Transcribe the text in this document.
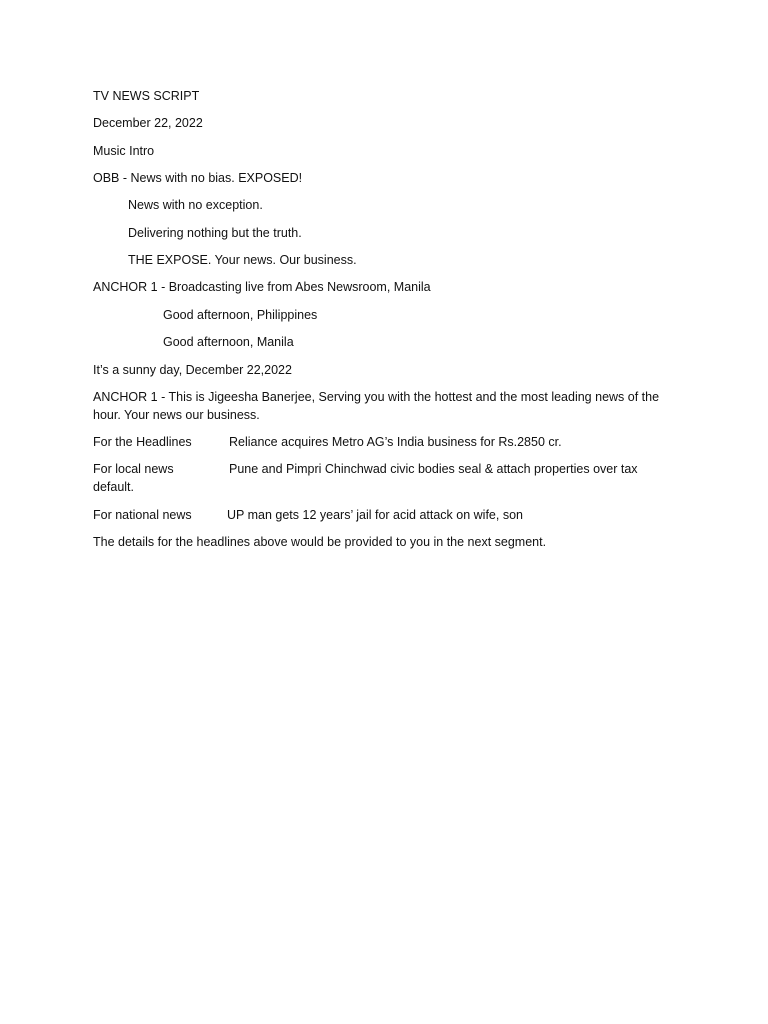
TV NEWS SCRIPT
December 22, 2022
Music Intro
OBB - News with no bias. EXPOSED!
News with no exception.
Delivering nothing but the truth.
THE EXPOSE. Your news. Our business.
ANCHOR 1 - Broadcasting live from Abes Newsroom, Manila
Good afternoon, Philippines
Good afternoon, Manila
It’s a sunny day, December 22,2022
ANCHOR 1 - This is Jigeesha Banerjee, Serving you with the hottest and the most leading news of the hour. Your news our business.
For the Headlines	Reliance acquires Metro AG’s India business for Rs.2850 cr.
For local news	Pune and Pimpri Chinchwad civic bodies seal & attach properties over tax
default.
For national news	UP man gets 12 years’ jail for acid attack on wife, son
The details for the headlines above would be provided to you in the next segment.
